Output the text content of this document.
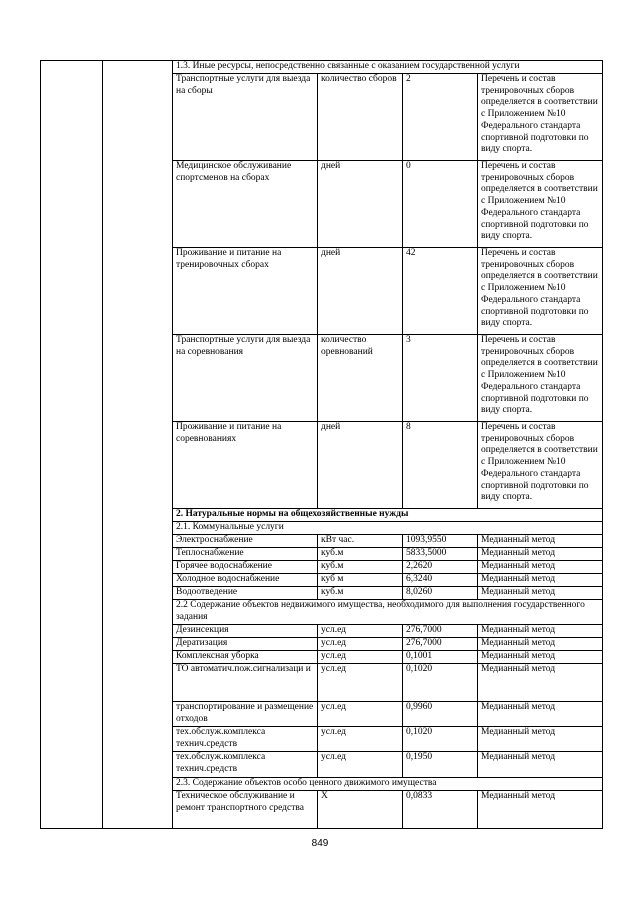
		1.3. Иные ресурсы, непосредственно связанные с оказанием государственной услуги			
		Транспортные услуги для выезда на сборы	количество сборов	2	Перечень и состав тренировочных сборов определяется в соответствии с Приложением №10 Федерального стандарта спортивной подготовки по виду спорта.
		Медицинское обслуживание спортсменов на сборах	дней	0	Перечень и состав тренировочных сборов определяется в соответствии с Приложением №10 Федерального стандарта спортивной подготовки по виду спорта.
		Проживание и питание на тренировочных сборах	дней	42	Перечень и состав тренировочных сборов определяется в соответствии с Приложением №10 Федерального стандарта спортивной подготовки по виду спорта.
		Транспортные услуги для выезда на соревнования	количество оревнований	3	Перечень и состав тренировочных сборов определяется в соответствии с Приложением №10 Федерального стандарта спортивной подготовки по виду спорта.
		Проживание и питание на соревнованиях	дней	8	Перечень и состав тренировочных сборов определяется в соответствии с Приложением №10 Федерального стандарта спортивной подготовки по виду спорта.
		2. Натуральные нормы на общехозяйственные нужды			
		2.1. Коммунальные услуги			
		Электроснабжение	кВт час.	1093,9550	Медианный метод
		Теплоснабжение	куб.м	5833,5000	Медианный метод
		Горячее водоснабжение	куб.м	2,2620	Медианный метод
		Холодное водоснабжение	куб м	6,3240	Медианный метод
		Водоотведение	куб.м	8,0260	Медианный метод
		2.2 Содержание объектов недвижимого имущества, необходимого для выполнения государственного задания			
		Дезинсекция	усл.ед	276,7000	Медианный метод
		Дератизация	усл.ед	276,7000	Медианный метод
		Комплексная уборка	усл.ед	0,1001	Медианный метод
		ТО автоматич.пож.сигнализаци и	усл.ед	0,1020	Медианный метод
		транспортирование и размещение отходов	усл.ед	0,9960	Медианный метод
		тех.обслуж.комплекса технич.средств	усл.ед	0,1020	Медианный метод
		тех.обслуж.комплекса технич.средств	усл.ед	0,1950	Медианный метод
		2.3. Содержание объектов особо ценного движимого имущества			
		Техническое обслуживание и ремонт транспортного средства	Х	0,0833	Медианный метод
849
